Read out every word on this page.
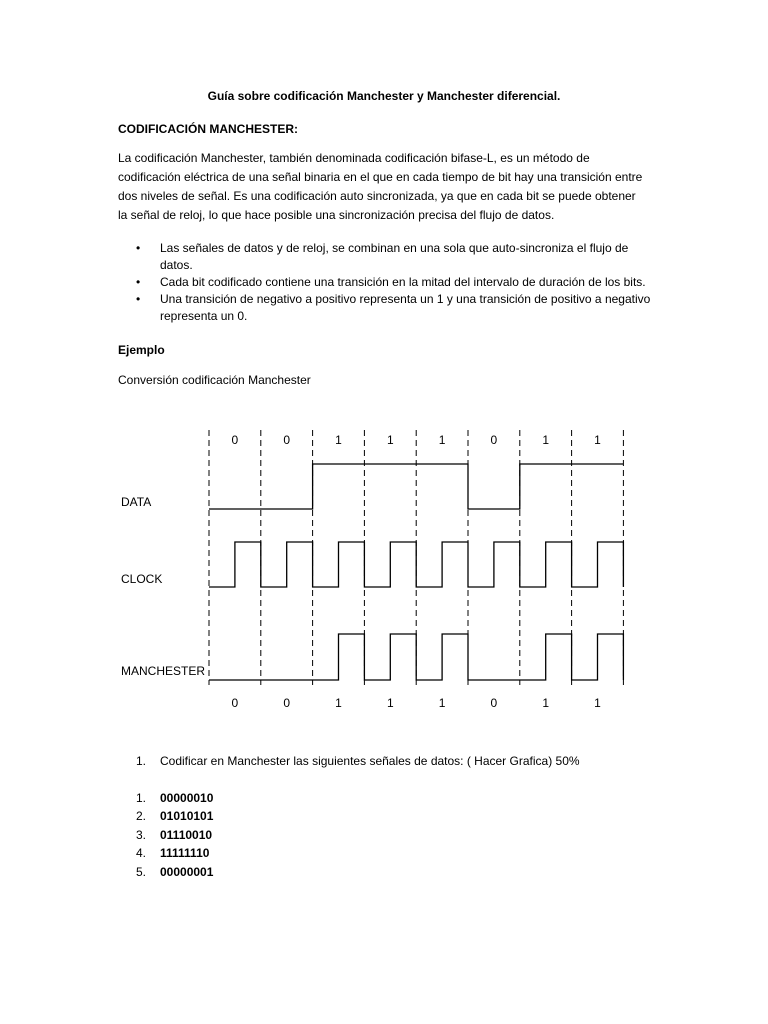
Guía sobre codificación Manchester y Manchester diferencial.
CODIFICACIÓN MANCHESTER:
La codificación Manchester, también denominada codificación bifase-L, es un método de codificación eléctrica de una señal binaria en el que en cada tiempo de bit hay una transición entre dos niveles de señal. Es una codificación auto sincronizada, ya que en cada bit se puede obtener la señal de reloj, lo que hace posible una sincronización precisa del flujo de datos.
• Las señales de datos y de reloj, se combinan en una sola que auto-sincroniza el flujo de datos.
• Cada bit codificado contiene una transición en la mitad del intervalo de duración de los bits.
• Una transición de negativo a positivo representa un 1 y una transición de positivo a negativo representa un 0.
Ejemplo
Conversión codificación Manchester
0	0	1	1	1	0	1	1
0	0	1	1	1	0	1	1
DATA
CLOCK
MANCHESTER
1. Codificar en Manchester las siguientes señales de datos: ( Hacer Grafica) 50%
1. 00000010
2. 01010101
3. 01110010
4. 11111110
5. 00000001
